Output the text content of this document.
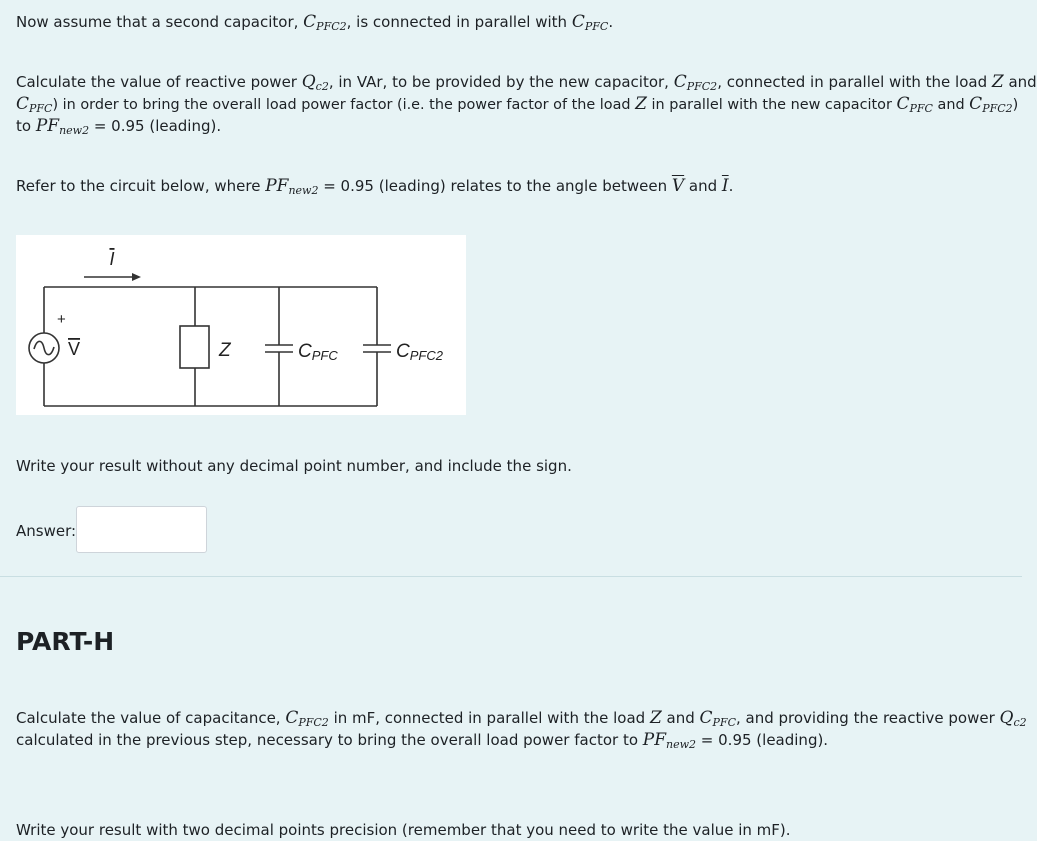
Now assume that a second capacitor, $C_{PFC2}$, is connected in parallel with $C_{PFC}$.

Calculate the value of reactive power $Q_{c2}$, in VAr, to be provided by the new capacitor, $C_{PFC2}$, connected in parallel with the load Z and

$C_{PFC}$) in order to bring the overall load power factor (i.e. the power factor of the load Z in parallel with the new capacitor $C_{PFC}$ and $C_{PFC2}$)

to $PF_{new2} = 0.95$ (leading).

Refer to the circuit below, where $PF_{new2} = 0.95$ (leading) relates to the angle between $\overline{V}$ and $\overline{I}$.

I
+
V	Z	CPFC	CPFC2

Write your result without any decimal point number, and include the sign.

Answer:
PART-H

Calculate the value of capacitance, $C_{PFC2}$ in mF, connected in parallel with the load Z and $C_{PFC}$, and providing the reactive power $Q_{c2}$

calculated in the previous step, necessary to bring the overall load power factor to $PF_{new2} = 0.95$ (leading).

Write your result with two decimal points precision (remember that you need to write the value in mF).
